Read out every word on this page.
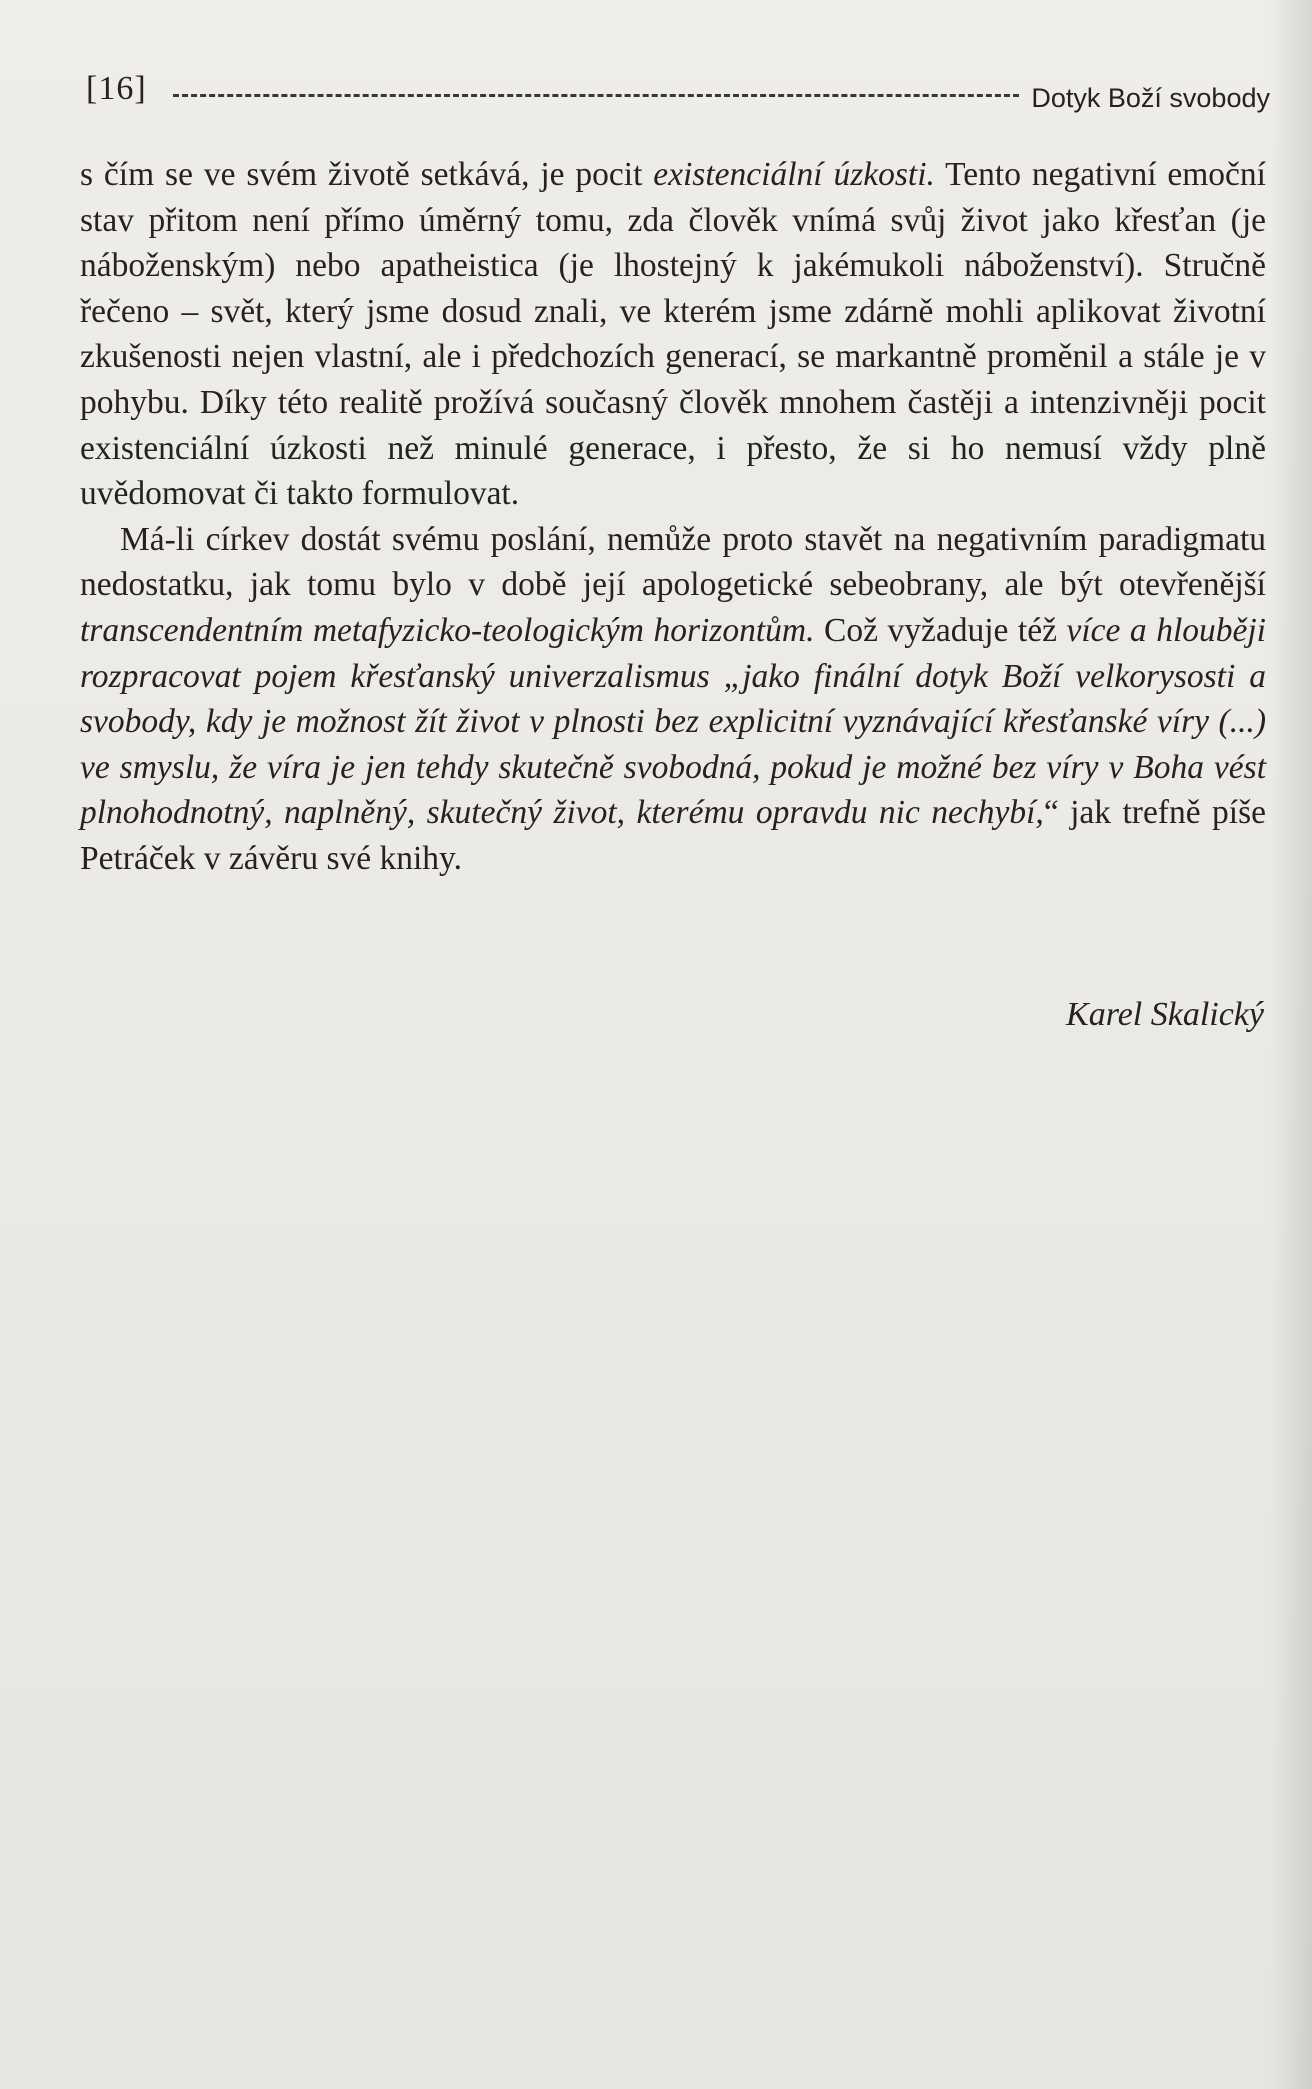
[16]	Dotyk Boží svobody

s čím se ve svém životě setkává, je pocit existenciální úzkosti. Tento negativní emoční stav přitom není přímo úměrný tomu, zda člověk vnímá svůj život jako křesťan (je náboženským) nebo apatheistica (je lhostejný k jakémukoli náboženství). Stručně řečeno – svět, který jsme dosud znali, ve kterém jsme zdárně mohli aplikovat životní zkušenosti nejen vlastní, ale i předchozích generací, se markantně proměnil a stále je v pohybu. Díky této realitě prožívá současný člověk mnohem častěji a intenzivněji pocit existenciální úzkosti než minulé generace, i přesto, že si ho nemusí vždy plně uvědomovat či takto formulovat.

Má-li církev dostát svému poslání, nemůže proto stavět na negativním paradigmatu nedostatku, jak tomu bylo v době její apologetické sebeobrany, ale být otevřenější transcendentním metafyzicko-teologickým horizontům. Což vyžaduje též více a hlouběji rozpracovat pojem křesťanský univerzalismus „jako finální dotyk Boží velkorysosti a svobody, kdy je možnost žít život v plnosti bez explicitní vyznávající křesťanské víry (...) ve smyslu, že víra je jen tehdy skutečně svobodná, pokud je možné bez víry v Boha vést plnohodnotný, naplněný, skutečný život, kterému opravdu nic nechybí,“ jak trefně píše Petráček v závěru své knihy.

Karel Skalický
